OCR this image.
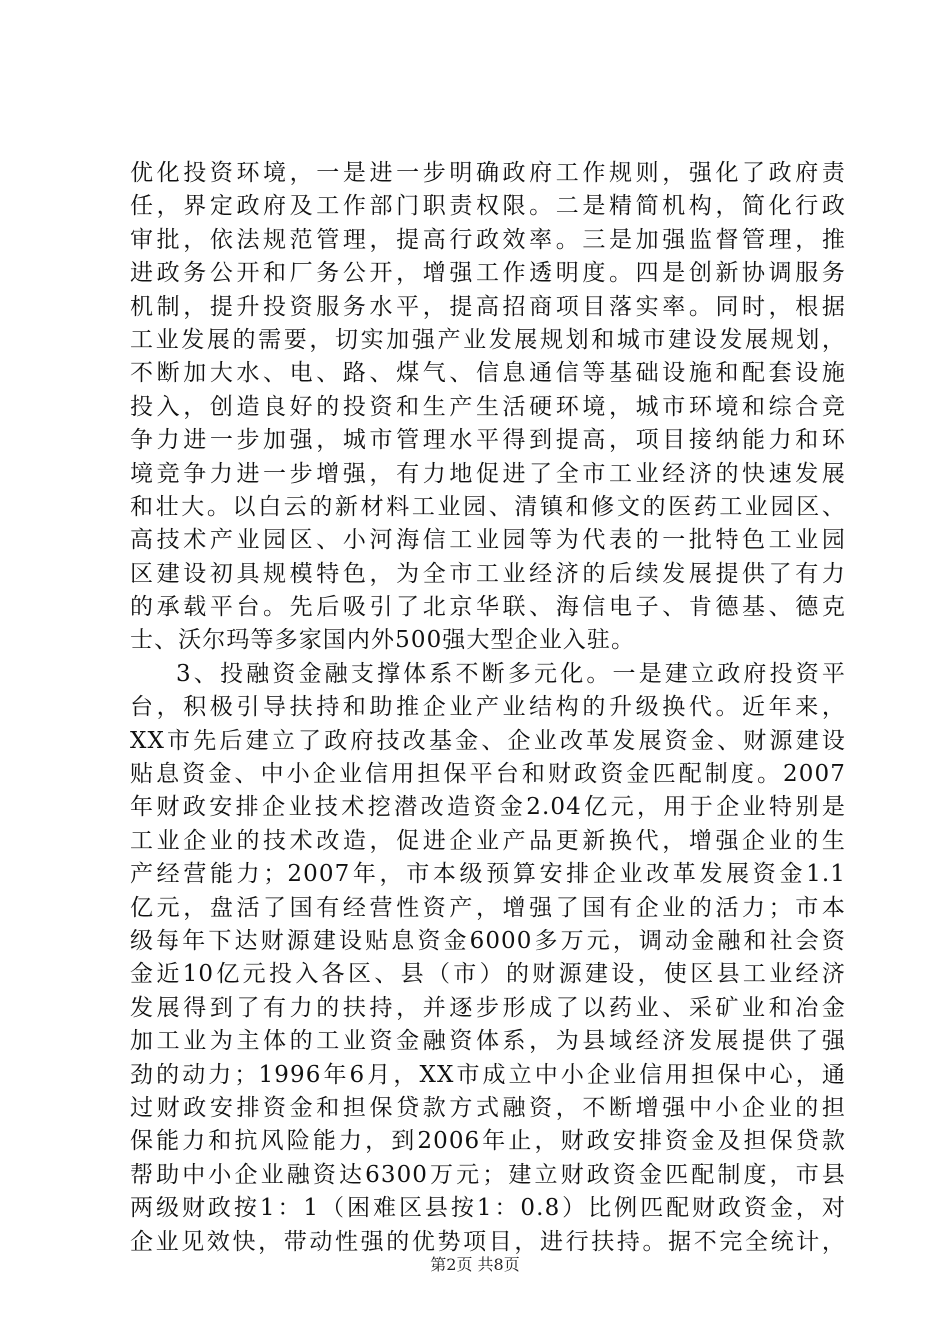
优化投资环境，一是进一步明确政府工作规则，强化了政府责
任，界定政府及工作部门职责权限。二是精简机构，简化行政
审批，依法规范管理，提高行政效率。三是加强监督管理，推
进政务公开和厂务公开，增强工作透明度。四是创新协调服务
机制，提升投资服务水平，提高招商项目落实率。同时，根据
工业发展的需要，切实加强产业发展规划和城市建设发展规划，
不断加大水、电、路、煤气、信息通信等基础设施和配套设施
投入，创造良好的投资和生产生活硬环境，城市环境和综合竞
争力进一步加强，城市管理水平得到提高，项目接纳能力和环
境竞争力进一步增强，有力地促进了全市工业经济的快速发展
和壮大。以白云的新材料工业园、清镇和修文的医药工业园区、
高技术产业园区、小河海信工业园等为代表的一批特色工业园
区建设初具规模特色，为全市工业经济的后续发展提供了有力
的承载平台。先后吸引了北京华联、海信电子、肯德基、德克
士、沃尔玛等多家国内外500强大型企业入驻。
3、投融资金融支撑体系不断多元化。一是建立政府投资平
台，积极引导扶持和助推企业产业结构的升级换代。近年来，
XX市先后建立了政府技改基金、企业改革发展资金、财源建设
贴息资金、中小企业信用担保平台和财政资金匹配制度。2007
年财政安排企业技术挖潜改造资金2.04亿元，用于企业特别是
工业企业的技术改造，促进企业产品更新换代，增强企业的生
产经营能力；2007年，市本级预算安排企业改革发展资金1.1
亿元，盘活了国有经营性资产，增强了国有企业的活力；市本
级每年下达财源建设贴息资金6000多万元，调动金融和社会资
金近10亿元投入各区、县（市）的财源建设，使区县工业经济
发展得到了有力的扶持，并逐步形成了以药业、采矿业和冶金
加工业为主体的工业资金融资体系，为县域经济发展提供了强
劲的动力；1996年6月，XX市成立中小企业信用担保中心，通
过财政安排资金和担保贷款方式融资，不断增强中小企业的担
保能力和抗风险能力，到2006年止，财政安排资金及担保贷款
帮助中小企业融资达6300万元；建立财政资金匹配制度，市县
两级财政按1：1（困难区县按1：0.8）比例匹配财政资金，对
企业见效快，带动性强的优势项目，进行扶持。据不完全统计，
第2页 共8页
